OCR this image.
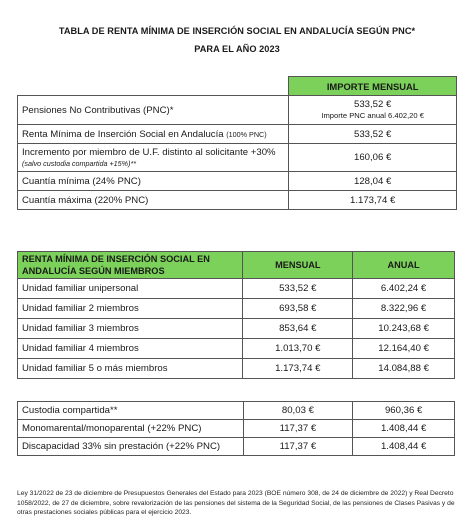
TABLA DE RENTA MÍNIMA DE INSERCIÓN SOCIAL EN ANDALUCÍA SEGÚN PNC*
PARA EL AÑO 2023
	IMPORTE MENSUAL
Pensiones No Contributivas (PNC)*	533,52 €
Importe PNC anual 6.402,20 €

Renta Mínima de Inserción Social en Andalucía (100% PNC)	533,52 €
Incremento por miembro de U.F. distinto al solicitante +30%
(salvo custodia compartida +15%)**	160,06 €
Cuantía mínima (24% PNC)	128,04 €
Cuantía máxima (220% PNC)	1.173,74 €
RENTA MÍNIMA DE INSERCIÓN SOCIAL EN ANDALUCÍA SEGÚN MIEMBROS	MENSUAL	ANUAL
Unidad familiar unipersonal	533,52 €	6.402,24 €
Unidad familiar 2 miembros	693,58 €	8.322,96 €
Unidad familiar 3 miembros	853,64 €	10.243,68 €
Unidad familiar 4 miembros	1.013,70 €	12.164,40 €
Unidad familiar 5 o más miembros	1.173,74 €	14.084,88 €
Custodia compartida**	80,03 €	960,36 €
Monomarental/monoparental (+22% PNC)	117,37 €	1.408,44 €
Discapacidad 33% sin prestación (+22% PNC)	117,37 €	1.408,44 €
Ley 31/2022 de 23 de diciembre de Presupuestos Generales del Estado para 2023 (BOE número 308, de 24 de diciembre de 2022) y Real Decreto 1058/2022, de 27 de diciembre, sobre revalorización de las pensiones del sistema de la Seguridad Social, de las pensiones de Clases Pasivas y de otras prestaciones sociales públicas para el ejercicio 2023.
